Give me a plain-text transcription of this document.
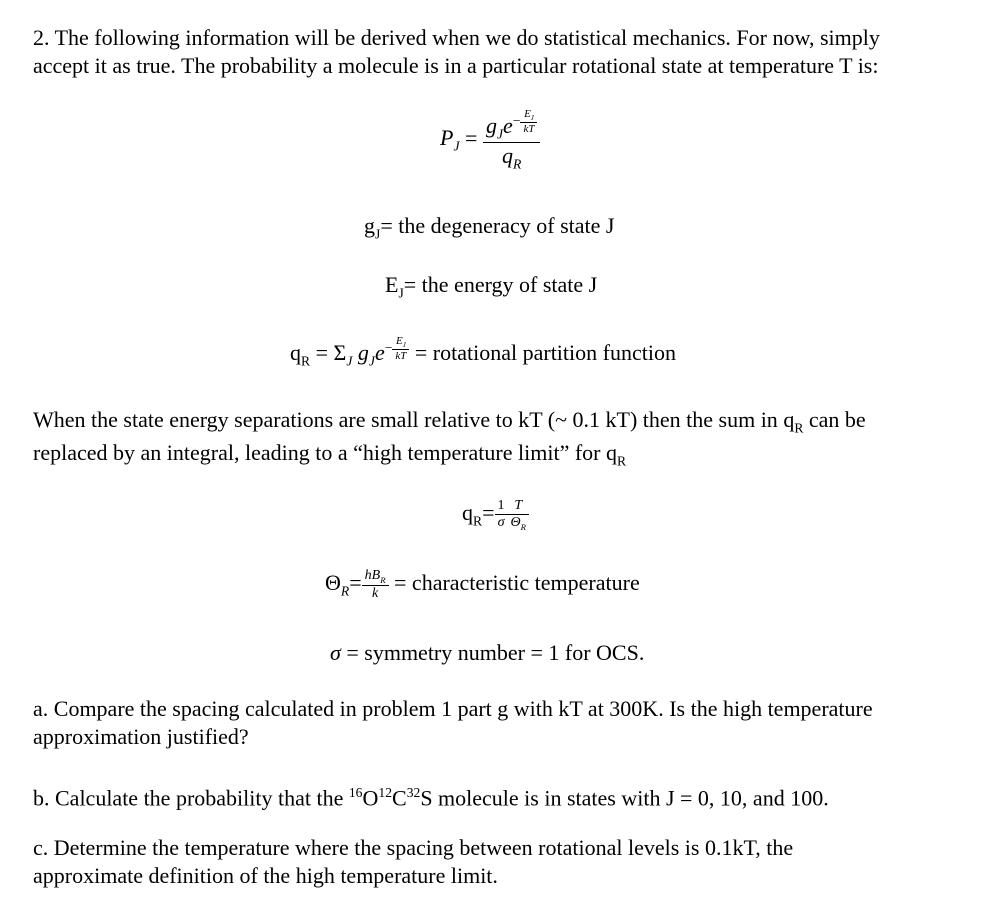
2. The following information will be derived when we do statistical mechanics. For now, simply
accept it as true. The probability a molecule is in a particular rotational state at temperature T is:
$P_J = g_Je^{- \frac{E_J}{kT}}$
$q_R$
$g_J=$ the degeneracy of state J
$E_J=$ the energy of state J
$q_R = \Sigma_J$ $g_Je^{- \frac{E_J}{kT}}$ = rotational partition function
When the state energy separations are small relative to kT (~ 0.1 kT) then the sum in $q_R$ can be
replaced by an integral, leading to a “high temperature limit” for $q_R$
$q_R= \frac{1}{\sigma} \frac{T}{\Theta_R}$
$\Theta_R= \frac{hB_R}{k}$ = characteristic temperature
σ = symmetry number = 1 for OCS.
a. Compare the spacing calculated in problem 1 part g with kT at 300K. Is the high temperature
approximation justified?
b. Calculate the probability that the $^{16}O^{12}C^{32}S$ molecule is in states with J = 0, 10, and 100.
c. Determine the temperature where the spacing between rotational levels is 0.1kT, the
approximate definition of the high temperature limit.
